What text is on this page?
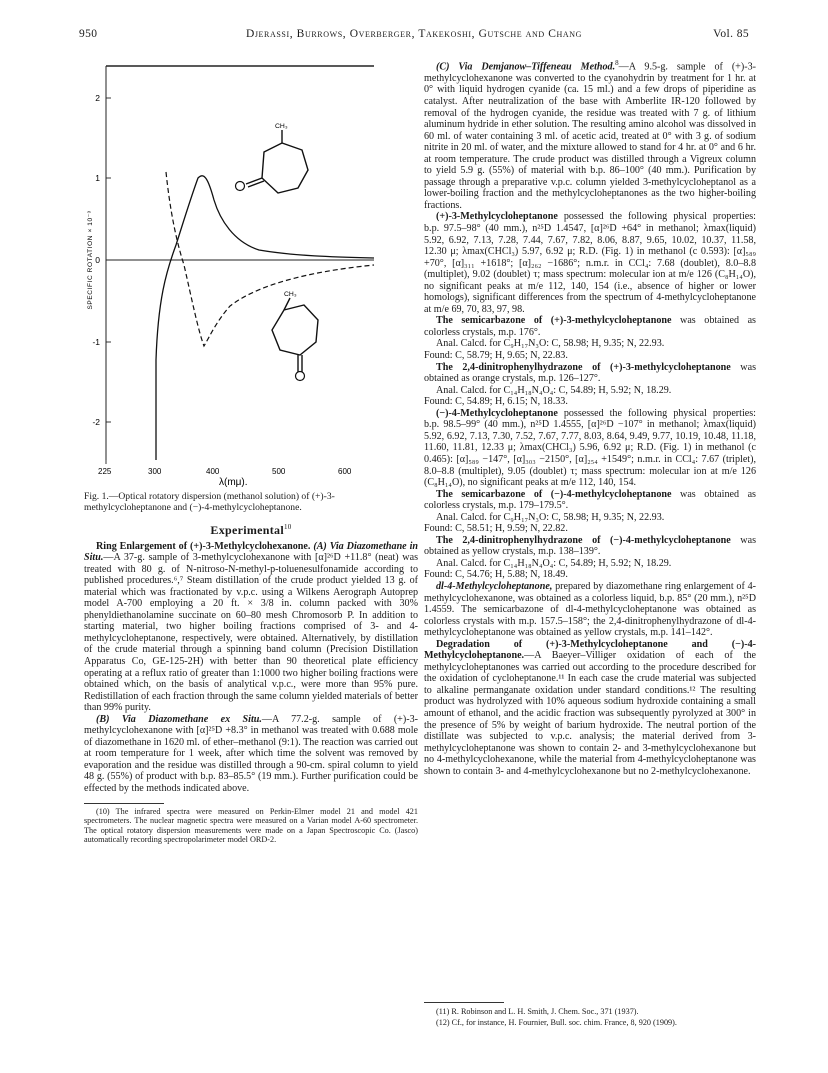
950	Djerassi, Burrows, Overberger, Takekoshi, Gutsche and Chang	Vol. 85
2
1
0
-1
-2
SPECIFIC ROTATION × 10⁻³
225	300	400	500	600
λ(mμ).
CH₃
CH₃
Fig. 1.—Optical rotatory dispersion (methanol solution) of (+)-3-methylcycloheptanone and (−)-4-methylcycloheptanone.
Experimental$^{10}$

Ring Enlargement of (+)-3-Methylcyclohexanone. (A) Via Diazomethane in Situ.—A 37-g. sample of 3-methylcyclohexanone with [α]²⁶D +11.8° (neat) was treated with 80 g. of N-nitroso-N-methyl-p-toluenesulfonamide according to published procedures.⁶,⁷ Steam distillation of the crude product yielded 13 g. of material which was fractionated by v.p.c. using a Wilkens Aerograph Autoprep model A-700 employing a 20 ft. × 3/8 in. column packed with 30% phenyldiethanolamine succinate on 60–80 mesh Chromosorb P. In addition to starting material, two higher boiling fractions comprised of 3- and 4-methylcycloheptanone, respectively, were obtained. Alternatively, by distillation of the crude material through a spinning band column (Precision Distillation Apparatus Co, GE-125-2H) with better than 90 theoretical plate efficiency operating at a reflux ratio of greater than 1:1000 two higher boiling fractions were obtained which, on the basis of analytical v.p.c., were more than 95% pure. Redistillation of each fraction through the same column yielded materials of better than 99% purity.

(B) Via Diazomethane ex Situ.—A 77.2-g. sample of (+)-3-methylcyclohexanone with [α]²⁵D +8.3° in methanol was treated with 0.688 mole of diazomethane in 1620 ml. of ether–methanol (9:1). The reaction was carried out at room temperature for 1 week, after which time the solvent was removed by evaporation and the residue was distilled through a 90-cm. spiral column to yield 48 g. (55%) of product with b.p. 83–85.5° (19 mm.). Further purification could be effected by the methods indicated above.

(10) The infrared spectra were measured on Perkin-Elmer model 21 and model 421 spectrometers. The nuclear magnetic spectra were measured on a Varian model A-60 spectrometer. The optical rotatory dispersion measurements were made on a Japan Spectroscopic Co. (Jasco) automatically recording spectropolarimeter model ORD-2.

(C) Via Demjanow–Tiffeneau Method.$^8$—A 9.5-g. sample of (+)-3-methylcyclohexanone was converted to the cyanohydrin by treatment for 1 hr. at 0° with liquid hydrogen cyanide (ca. 15 ml.) and a few drops of piperidine as catalyst. After neutralization of the base with Amberlite IR-120 followed by removal of the hydrogen cyanide, the residue was treated with 7 g. of lithium aluminum hydride in ether solution. The resulting amino alcohol was dissolved in 60 ml. of water containing 3 ml. of acetic acid, treated at 0° with 3 g. of sodium nitrite in 20 ml. of water, and the mixture allowed to stand for 4 hr. at 0° and 6 hr. at room temperature. The crude product was distilled through a Vigreux column to yield 5.9 g. (55%) of material with b.p. 86–100° (40 mm.). Purification by passage through a preparative v.p.c. column yielded 3-methylcycloheptanol as a lower-boiling fraction and the methylcycloheptanones as the two higher-boiling fractions.

(+)-3-Methylcycloheptanone possessed the following physical properties: b.p. 97.5–98° (40 mm.), n²⁵D 1.4547, [α]²⁶D +64° in methanol; λmax(liquid) 5.92, 6.92, 7.13, 7.28, 7.44, 7.67, 7.82, 8.06, 8.87, 9.65, 10.02, 10.37, 11.58, 12.30 μ; λmax(CHCl₃) 5.97, 6.92 μ; R.D. (Fig. 1) in methanol (c 0.593): [α]₅₈₉ +70°, [α]₃₁₁ +1618°; [α]₂₆₂ −1686°; n.m.r. in CCl₄: 7.68 (doublet), 8.0–8.8 (multiplet), 9.02 (doublet) τ; mass spectrum: molecular ion at m/e 126 (C₈H₁₄O), no significant peaks at m/e 112, 140, 154 (i.e., absence of higher or lower homologs), significant differences from the spectrum of 4-methylcycloheptanone at m/e 69, 70, 83, 97, 98.

The semicarbazone of (+)-3-methylcycloheptanone was obtained as colorless crystals, m.p. 176°.

Anal. Calcd. for C₉H₁₇N₃O: C, 58.98; H, 9.35; N, 22.93.

Found: C, 58.79; H, 9.65; N, 22.83.

The 2,4-dinitrophenylhydrazone of (+)-3-methylcycloheptanone was obtained as orange crystals, m.p. 126–127°.

Anal. Calcd. for C₁₄H₁₈N₄O₄: C, 54.89; H, 5.92; N, 18.29.

Found: C, 54.89; H, 6.15; N, 18.33.

(−)-4-Methylcycloheptanone possessed the following physical properties: b.p. 98.5–99° (40 mm.), n²⁵D 1.4555, [α]²⁶D −107° in methanol; λmax(liquid) 5.92, 6.92, 7.13, 7.30, 7.52, 7.67, 7.77, 8.03, 8.64, 9.49, 9.77, 10.19, 10.48, 11.18, 11.60, 11.81, 12.33 μ; λmax(CHCl₃) 5.96, 6.92 μ; R.D. (Fig. 1) in methanol (c 0.465): [α]₅₈₉ −147°, [α]₃₀₃ −2150°, [α]₂₅₄ +1549°; n.m.r. in CCl₄: 7.67 (triplet), 8.0–8.8 (multiplet), 9.05 (doublet) τ; mass spectrum: molecular ion at m/e 126 (C₈H₁₄O), no significant peaks at m/e 112, 140, 154.

The semicarbazone of (−)-4-methylcycloheptanone was obtained as colorless crystals, m.p. 179–179.5°.

Anal. Calcd. for C₉H₁₇N₃O: C, 58.98; H, 9.35; N, 22.93.

Found: C, 58.51; H, 9.59; N, 22.82.

The 2,4-dinitrophenylhydrazone of (−)-4-methylcycloheptanone was obtained as yellow crystals, m.p. 138–139°.

Anal. Calcd. for C₁₄H₁₈N₄O₄: C, 54.89; H, 5.92; N, 18.29.

Found: C, 54.76; H, 5.88; N, 18.49.

dl-4-Methylcycloheptanone, prepared by diazomethane ring enlargement of 4-methylcyclohexanone, was obtained as a colorless liquid, b.p. 85° (20 mm.), n²⁵D 1.4559. The semicarbazone of dl-4-methylcycloheptanone was obtained as colorless crystals with m.p. 157.5–158°; the 2,4-dinitrophenylhydrazone of dl-4-methylcycloheptanone was obtained as yellow crystals, m.p. 141–142°.

Degradation of (+)-3-Methylcycloheptanone and (−)-4-Methylcycloheptanone.—A Baeyer–Villiger oxidation of each of the methylcycloheptanones was carried out according to the procedure described for the oxidation of cycloheptanone.¹¹ In each case the crude material was subjected to alkaline permanganate oxidation under standard conditions.¹² The resulting product was hydrolyzed with 10% aqueous sodium hydroxide containing a small amount of ethanol, and the acidic fraction was subsequently pyrolyzed at 300° in the presence of 5% by weight of barium hydroxide. The neutral portion of the distillate was subjected to v.p.c. analysis; the material derived from 3-methylcycloheptanone was shown to contain 2- and 3-methylcyclohexanone but no 4-methylcyclohexanone, while the material from 4-methylcycloheptanone was shown to contain 3- and 4-methylcyclohexanone but no 2-methylcyclohexanone.

(11) R. Robinson and L. H. Smith, J. Chem. Soc., 371 (1937).

(12) Cf., for instance, H. Fournier, Bull. soc. chim. France, 8, 920 (1909).
